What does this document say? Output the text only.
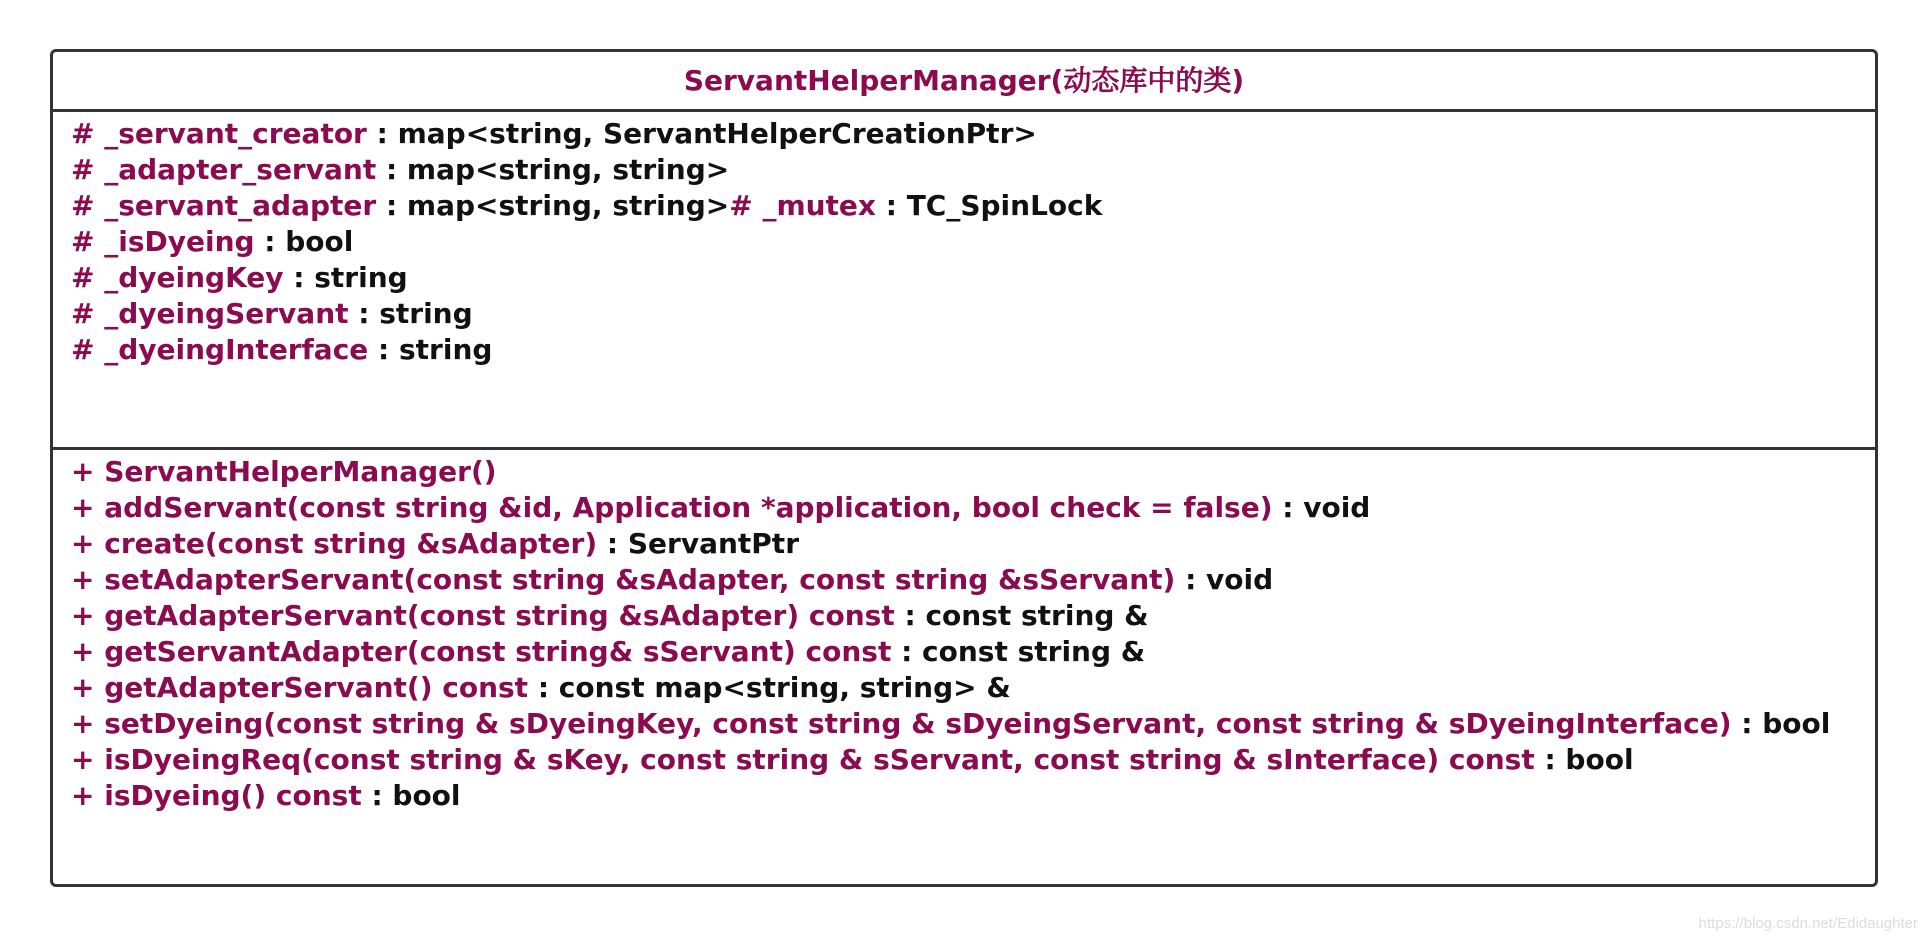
ServantHelperManager(动态库中的类)
# _servant_creator : map<string, ServantHelperCreationPtr>
# _adapter_servant : map<string, string>
# _servant_adapter : map<string, string># _mutex : TC_SpinLock
# _isDyeing : bool
# _dyeingKey : string
# _dyeingServant : string
# _dyeingInterface : string
+ ServantHelperManager()
+ addServant(const string &id, Application *application, bool check = false) : void
+ create(const string &sAdapter) : ServantPtr
+ setAdapterServant(const string &sAdapter, const string &sServant) : void
+ getAdapterServant(const string &sAdapter) const : const string &
+ getServantAdapter(const string& sServant) const : const string &
+ getAdapterServant() const : const map<string, string> &
+ setDyeing(const string & sDyeingKey, const string & sDyeingServant, const string & sDyeingInterface) : bool
+ isDyeingReq(const string & sKey, const string & sServant, const string & sInterface) const : bool
+ isDyeing() const : bool
https://blog.csdn.net/Edidaughter
